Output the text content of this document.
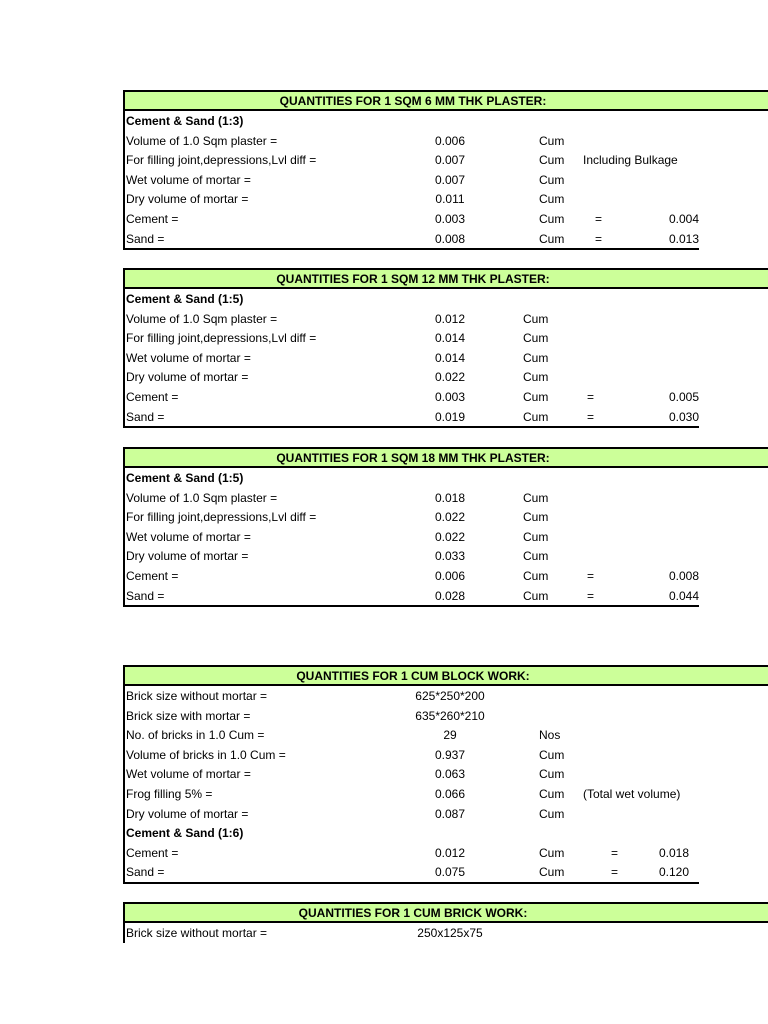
QUANTITIES FOR 1 SQM 6 MM THK PLASTER:
Cement & Sand (1:3)
Volume of 1.0 Sqm plaster =	0.006	Cum
For filling joint,depressions,Lvl diff =	0.007	Cum Including Bulkage
Wet volume of mortar =	0.007	Cum
Dry volume of mortar =	0.011	Cum
Cement =	0.003	Cum	=	0.004
Sand =	0.008	Cum	=	0.013
QUANTITIES FOR 1 SQM 12 MM THK PLASTER:
Cement & Sand (1:5)
Volume of 1.0 Sqm plaster =	0.012	Cum
For filling joint,depressions,Lvl diff =	0.014	Cum
Wet volume of mortar =	0.014	Cum
Dry volume of mortar =	0.022	Cum
Cement =	0.003	Cum	=	0.005
Sand =	0.019	Cum	=	0.030
QUANTITIES FOR 1 SQM 18 MM THK PLASTER:
Cement & Sand (1:5)
Volume of 1.0 Sqm plaster =	0.018	Cum
For filling joint,depressions,Lvl diff =	0.022	Cum
Wet volume of mortar =	0.022	Cum
Dry volume of mortar =	0.033	Cum
Cement =	0.006	Cum	=	0.008
Sand =	0.028	Cum	=	0.044
QUANTITIES FOR 1 CUM BLOCK WORK:
Brick size without mortar =	625*250*200
Brick size with mortar =	635*260*210
No. of bricks in 1.0 Cum =	29	Nos
Volume of bricks in 1.0 Cum =	0.937	Cum
Wet volume of mortar =	0.063	Cum
Frog filling 5% =	0.066	Cum (Total wet volume)
Dry volume of mortar =	0.087	Cum
Cement & Sand (1:6)
Cement =	0.012	Cum	=	0.018
Sand =	0.075	Cum	=	0.120
QUANTITIES FOR 1 CUM BRICK WORK:
Brick size without mortar =	250x125x75
